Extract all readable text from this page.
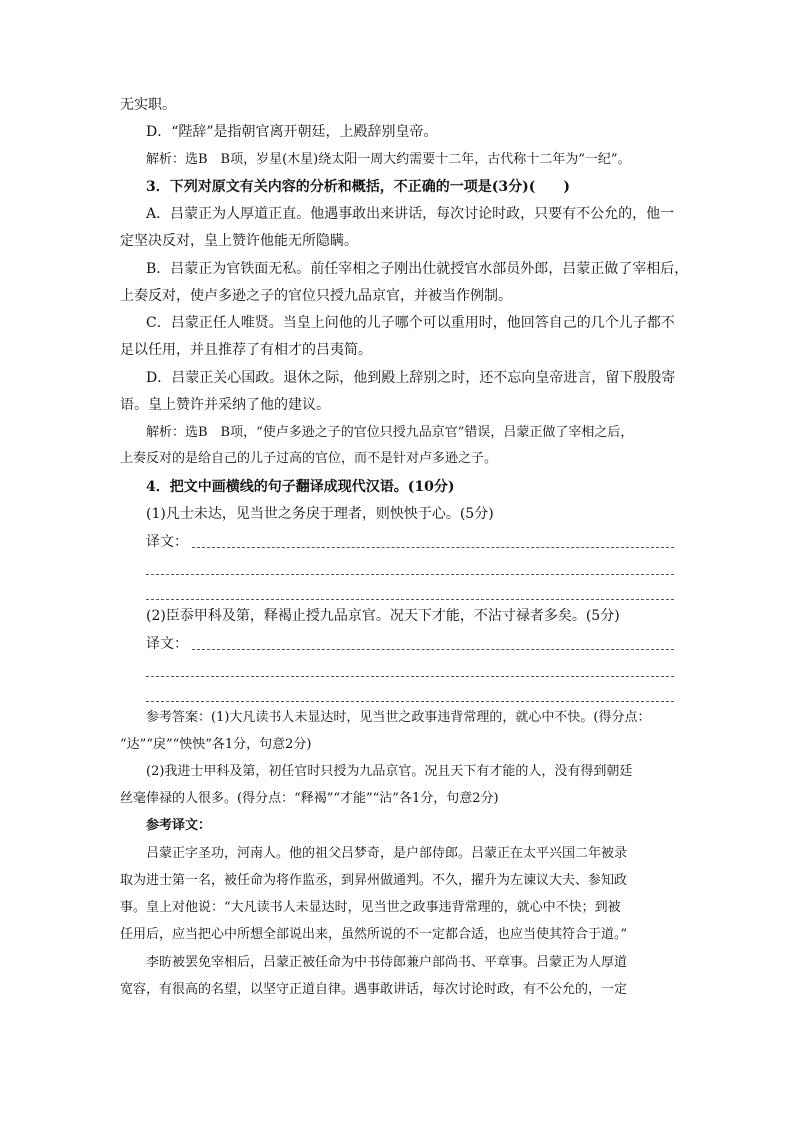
无实职。
D．“陛辞”是指朝官离开朝廷，上殿辞别皇帝。
解析：选B　B项，岁星(木星)绕太阳一周大约需要十二年，古代称十二年为“一纪”。
3．下列对原文有关内容的分析和概括，不正确的一项是(3分)(　　)
A．吕蒙正为人厚道正直。他遇事敢出来讲话，每次讨论时政，只要有不公允的，他一
定坚决反对，皇上赞许他能无所隐瞒。
B．吕蒙正为官铁面无私。前任宰相之子刚出仕就授官水部员外郎，吕蒙正做了宰相后，
上奏反对，使卢多逊之子的官位只授九品京官，并被当作例制。
C．吕蒙正任人唯贤。当皇上问他的儿子哪个可以重用时，他回答自己的几个儿子都不
足以任用，并且推荐了有相才的吕夷简。
D．吕蒙正关心国政。退休之际，他到殿上辞别之时，还不忘向皇帝进言，留下殷殷寄
语。皇上赞许并采纳了他的建议。
解析：选B　B项，“使卢多逊之子的官位只授九品京官”错误，吕蒙正做了宰相之后，
上奏反对的是给自己的儿子过高的官位，而不是针对卢多逊之子。
4．把文中画横线的句子翻译成现代汉语。(10分)
(1)凡士未达，见当世之务戾于理者，则怏怏于心。(5分)
译文：
(2)臣忝甲科及第，释褐止授九品京官。况天下才能，不沾寸禄者多矣。(5分)
译文：
参考答案：(1)大凡读书人未显达时，见当世之政事违背常理的，就心中不快。(得分点：
“达”“戾”“怏怏”各1分，句意2分)
(2)我进士甲科及第，初任官时只授为九品京官。况且天下有才能的人，没有得到朝廷
丝毫俸禄的人很多。(得分点：“释褐”“才能”“沾”各1分，句意2分)
参考译文：
吕蒙正字圣功，河南人。他的祖父吕梦奇，是户部侍郎。吕蒙正在太平兴国二年被录
取为进士第一名，被任命为将作监丞，到昇州做通判。不久，擢升为左谏议大夫、参知政
事。皇上对他说：“大凡读书人未显达时，见当世之政事违背常理的，就心中不快；到被
任用后，应当把心中所想全部说出来，虽然所说的不一定都合适，也应当使其符合于道。”
李昉被罢免宰相后，吕蒙正被任命为中书侍郎兼户部尚书、平章事。吕蒙正为人厚道
宽容，有很高的名望，以坚守正道自律。遇事敢讲话，每次讨论时政，有不公允的，一定
